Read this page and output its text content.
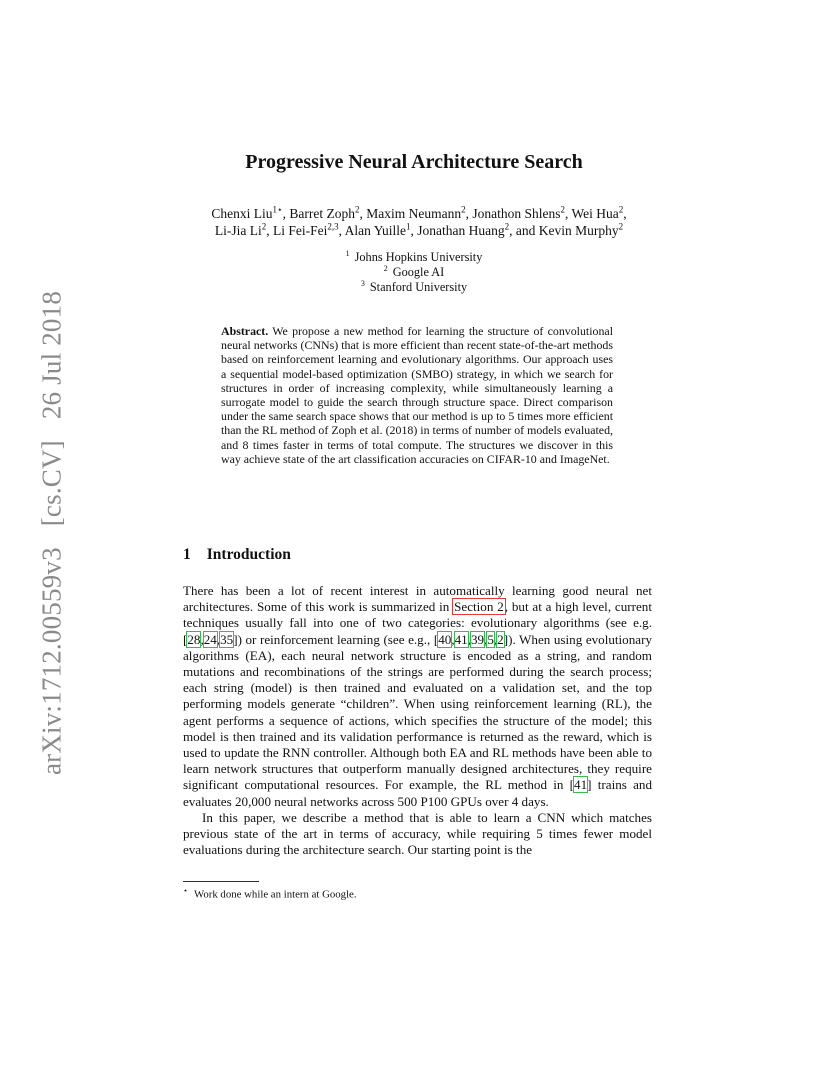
arXiv:1712.00559v3 [cs.CV] 26 Jul 2018
Progressive Neural Architecture Search
Chenxi Liu$^{1⋆}$, Barret Zoph$^2$, Maxim Neumann$^2$, Jonathon Shlens$^2$, Wei Hua$^2$,
Li-Jia Li$^2$, Li Fei-Fei$^{2,3}$, Alan Yuille$^1$, Jonathan Huang$^2$, and Kevin Murphy$^2$
$^1$ Johns Hopkins University
$^2$ Google AI
$^3$ Stanford University
Abstract. We propose a new method for learning the structure of convolutional neural networks (CNNs) that is more efficient than recent state-of-the-art methods based on reinforcement learning and evolutionary algorithms. Our approach uses a sequential model-based optimization (SMBO) strategy, in which we search for structures in order of increasing complexity, while simultaneously learning a surrogate model to guide the search through structure space. Direct comparison under the same search space shows that our method is up to 5 times more efficient than the RL method of Zoph et al. (2018) in terms of number of models evaluated, and 8 times faster in terms of total compute. The structures we discover in this way achieve state of the art classification accuracies on CIFAR-10 and ImageNet.
1 Introduction

There has been a lot of recent interest in automatically learning good neural net architectures. Some of this work is summarized in Section 2, but at a high level, current techniques usually fall into one of two categories: evolutionary algorithms (see e.g. [28,24,35]) or reinforcement learning (see e.g., [40,41,39,5,2]). When using evolutionary algorithms (EA), each neural network structure is encoded as a string, and random mutations and recombinations of the strings are performed during the search process; each string (model) is then trained and evaluated on a validation set, and the top performing models generate “children”. When using reinforcement learning (RL), the agent performs a sequence of actions, which specifies the structure of the model; this model is then trained and its validation performance is returned as the reward, which is used to update the RNN controller. Although both EA and RL methods have been able to learn network structures that outperform manually designed architectures, they require significant computational resources. For example, the RL method in [41] trains and evaluates 20,000 neural networks across 500 P100 GPUs over 4 days.

In this paper, we describe a method that is able to learn a CNN which matches previous state of the art in terms of accuracy, while requiring 5 times fewer model evaluations during the architecture search. Our starting point is the

⋆ Work done while an intern at Google.
